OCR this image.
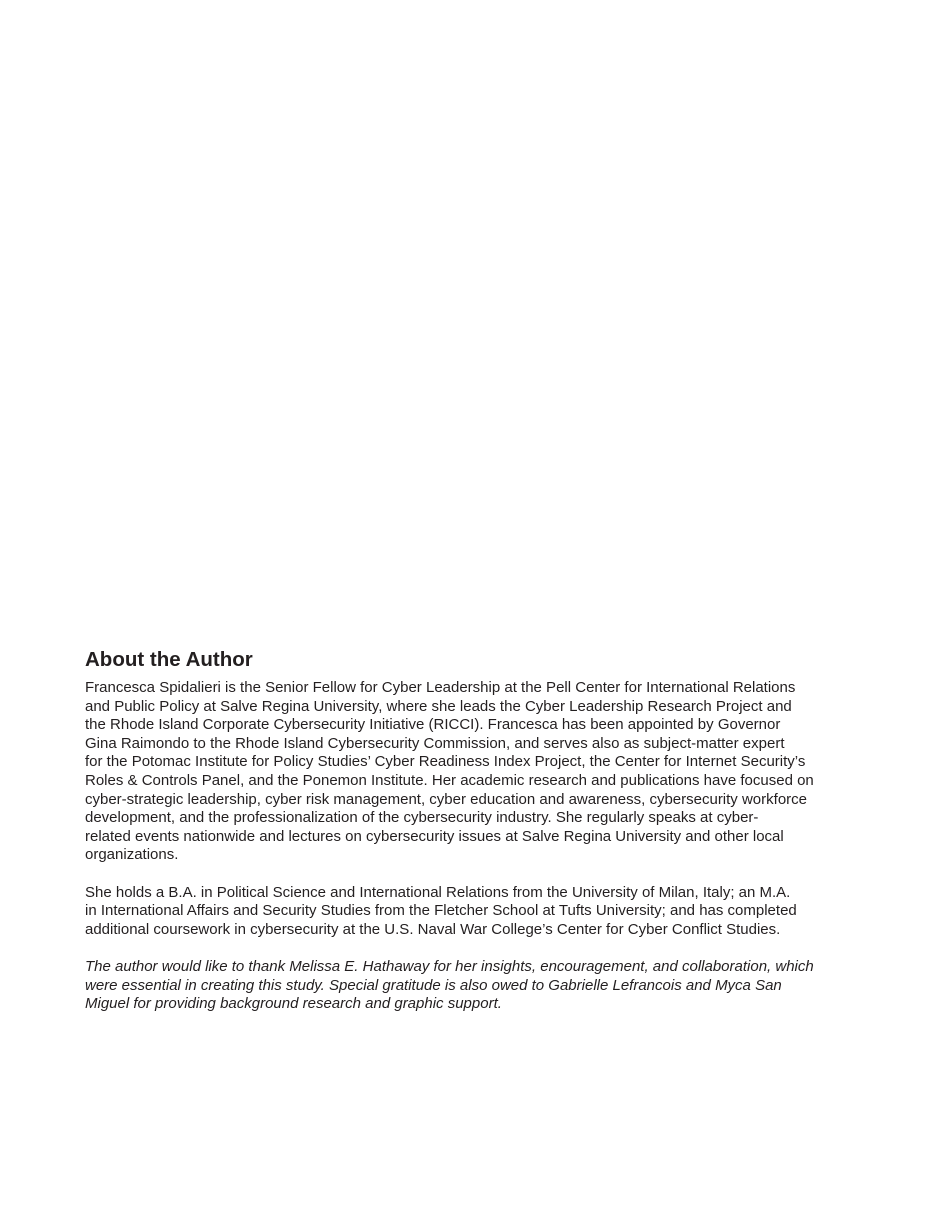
About the Author
Francesca Spidalieri is the Senior Fellow for Cyber Leadership at the Pell Center for International Relations
and Public Policy at Salve Regina University, where she leads the Cyber Leadership Research Project and
the Rhode Island Corporate Cybersecurity Initiative (RICCI). Francesca has been appointed by Governor
Gina Raimondo to the Rhode Island Cybersecurity Commission, and serves also as subject-matter expert
for the Potomac Institute for Policy Studies’ Cyber Readiness Index Project, the Center for Internet Security’s
Roles & Controls Panel, and the Ponemon Institute. Her academic research and publications have focused on
cyber-strategic leadership, cyber risk management, cyber education and awareness, cybersecurity workforce
development, and the professionalization of the cybersecurity industry. She regularly speaks at cyber-
related events nationwide and lectures on cybersecurity issues at Salve Regina University and other local
organizations.
She holds a B.A. in Political Science and International Relations from the University of Milan, Italy; an M.A.
in International Affairs and Security Studies from the Fletcher School at Tufts University; and has completed
additional coursework in cybersecurity at the U.S. Naval War College’s Center for Cyber Conflict Studies.
The author would like to thank Melissa E. Hathaway for her insights, encouragement, and collaboration, which
were essential in creating this study. Special gratitude is also owed to Gabrielle Lefrancois and Myca San
Miguel for providing background research and graphic support.
